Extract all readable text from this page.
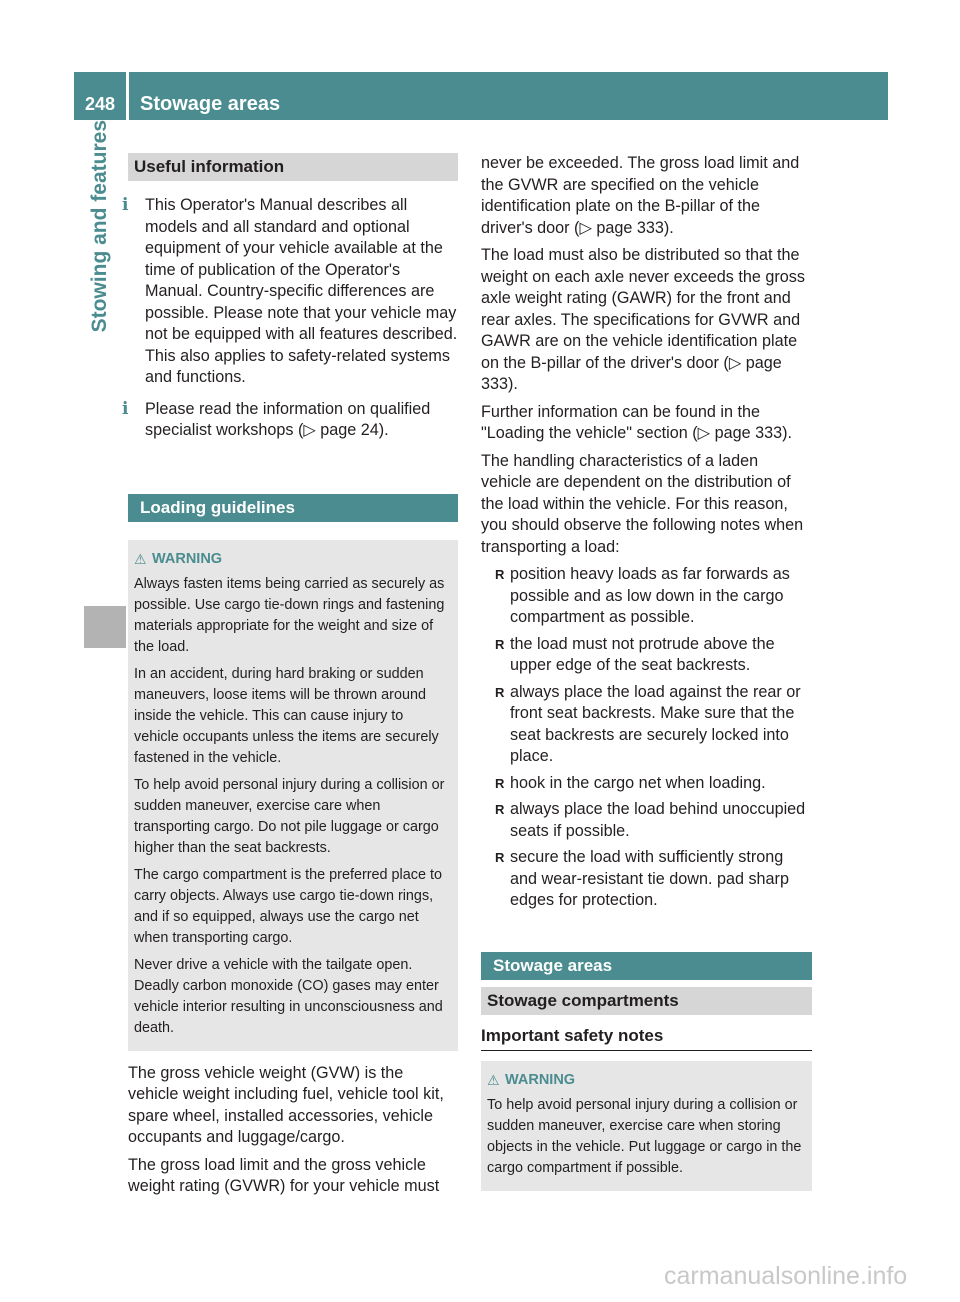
248	Stowage areas
Stowing and features	Useful information
i	This Operator's Manual describes all models and all standard and optional equipment of your vehicle available at the time of publication of the Operator's Manual. Country-specific differences are possible. Please note that your vehicle may not be equipped with all features described. This also applies to safety-related systems and functions.
i	Please read the information on qualified specialist workshops (▷ page 24).
Loading guidelines
⚠ WARNING

Always fasten items being carried as securely as possible. Use cargo tie-down rings and fastening materials appropriate for the weight and size of the load.

In an accident, during hard braking or sudden maneuvers, loose items will be thrown around inside the vehicle. This can cause injury to vehicle occupants unless the items are securely fastened in the vehicle.

To help avoid personal injury during a collision or sudden maneuver, exercise care when transporting cargo. Do not pile luggage or cargo higher than the seat backrests.

The cargo compartment is the preferred place to carry objects. Always use cargo tie-down rings, and if so equipped, always use the cargo net when transporting cargo.

Never drive a vehicle with the tailgate open. Deadly carbon monoxide (CO) gases may enter vehicle interior resulting in unconsciousness and death.

The gross vehicle weight (GVW) is the vehicle weight including fuel, vehicle tool kit, spare wheel, installed accessories, vehicle occupants and luggage/cargo.

The gross load limit and the gross vehicle weight rating (GVWR) for your vehicle must

never be exceeded. The gross load limit and the GVWR are specified on the vehicle identification plate on the B-pillar of the driver's door (▷ page 333).

The load must also be distributed so that the weight on each axle never exceeds the gross axle weight rating (GAWR) for the front and rear axles. The specifications for GVWR and GAWR are on the vehicle identification plate on the B-pillar of the driver's door (▷ page 333).

Further information can be found in the "Loading the vehicle" section (▷ page 333).

The handling characteristics of a laden vehicle are dependent on the distribution of the load within the vehicle. For this reason, you should observe the following notes when transporting a load:

R position heavy loads as far forwards as possible and as low down in the cargo compartment as possible.
R the load must not protrude above the upper edge of the seat backrests.
R always place the load against the rear or front seat backrests. Make sure that the seat backrests are securely locked into place.
R hook in the cargo net when loading.
R always place the load behind unoccupied seats if possible.
R secure the load with sufficiently strong and wear-resistant tie down. pad sharp edges for protection.
Stowage areas
Stowage compartments
Important safety notes
⚠ WARNING

To help avoid personal injury during a collision or sudden maneuver, exercise care when storing objects in the vehicle. Put luggage or cargo in the cargo compartment if possible.

carmanualsonline.info
